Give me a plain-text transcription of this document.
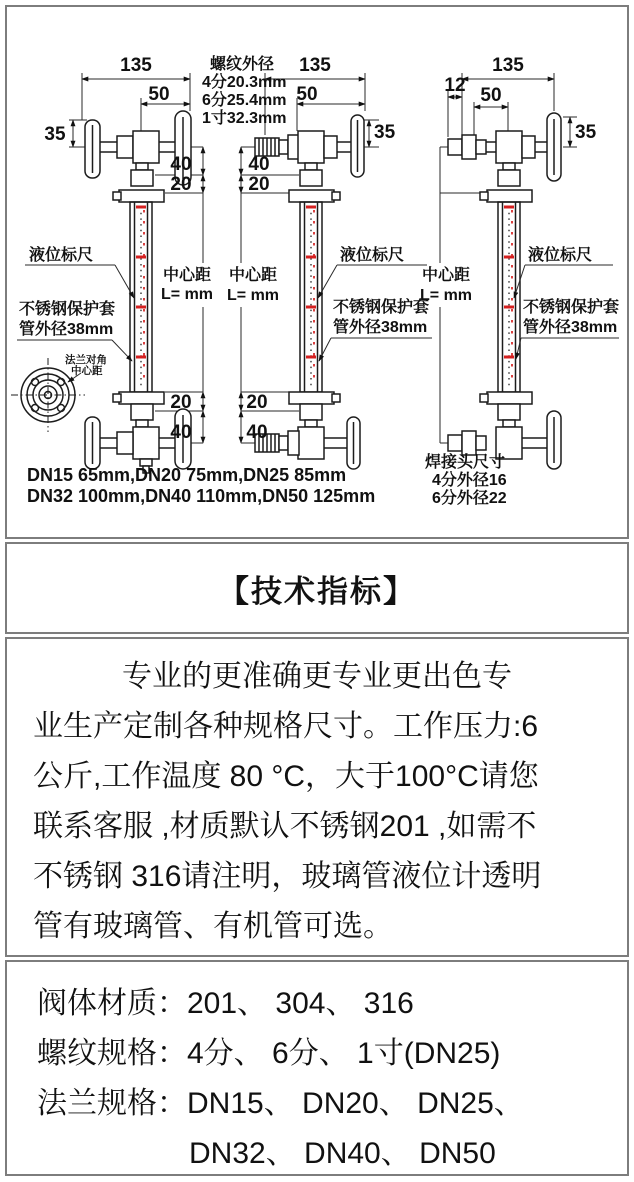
135
50
35
40
20
20
40
液位标尺
中心距
L= mm
不锈钢保护套
管外径38mm
法兰对角
中心距
DN15 65mm,DN20 75mm,DN25 85mm
DN32 100mm,DN40 110mm,DN50 125mm
螺纹外径
4分20.3mm
6分25.4mm
1寸32.3mm
135
50
35
40
20
20
40
中心距
L= mm
液位标尺
不锈钢保护套
管外径38mm
135
12 50
35
中心距
L= mm
液位标尺
不锈钢保护套
管外径38mm
焊接头尺寸
4分外径16
6分外径22
【技术指标】
专业的更准确更专业更出色专
业生产定制各种规格尺寸。工作压力:6
公斤,工作温度 80 °C，大于100°C请您
联系客服 ,材质默认不锈钢201 ,如需不
不锈钢 316请注明，玻璃管液位计透明
管有玻璃管、有机管可选。
阀体材质：201、 304、 316
螺纹规格：4分、 6分、 1寸(DN25)
法兰规格：DN15、 DN20、 DN25、
DN32、 DN40、 DN50
